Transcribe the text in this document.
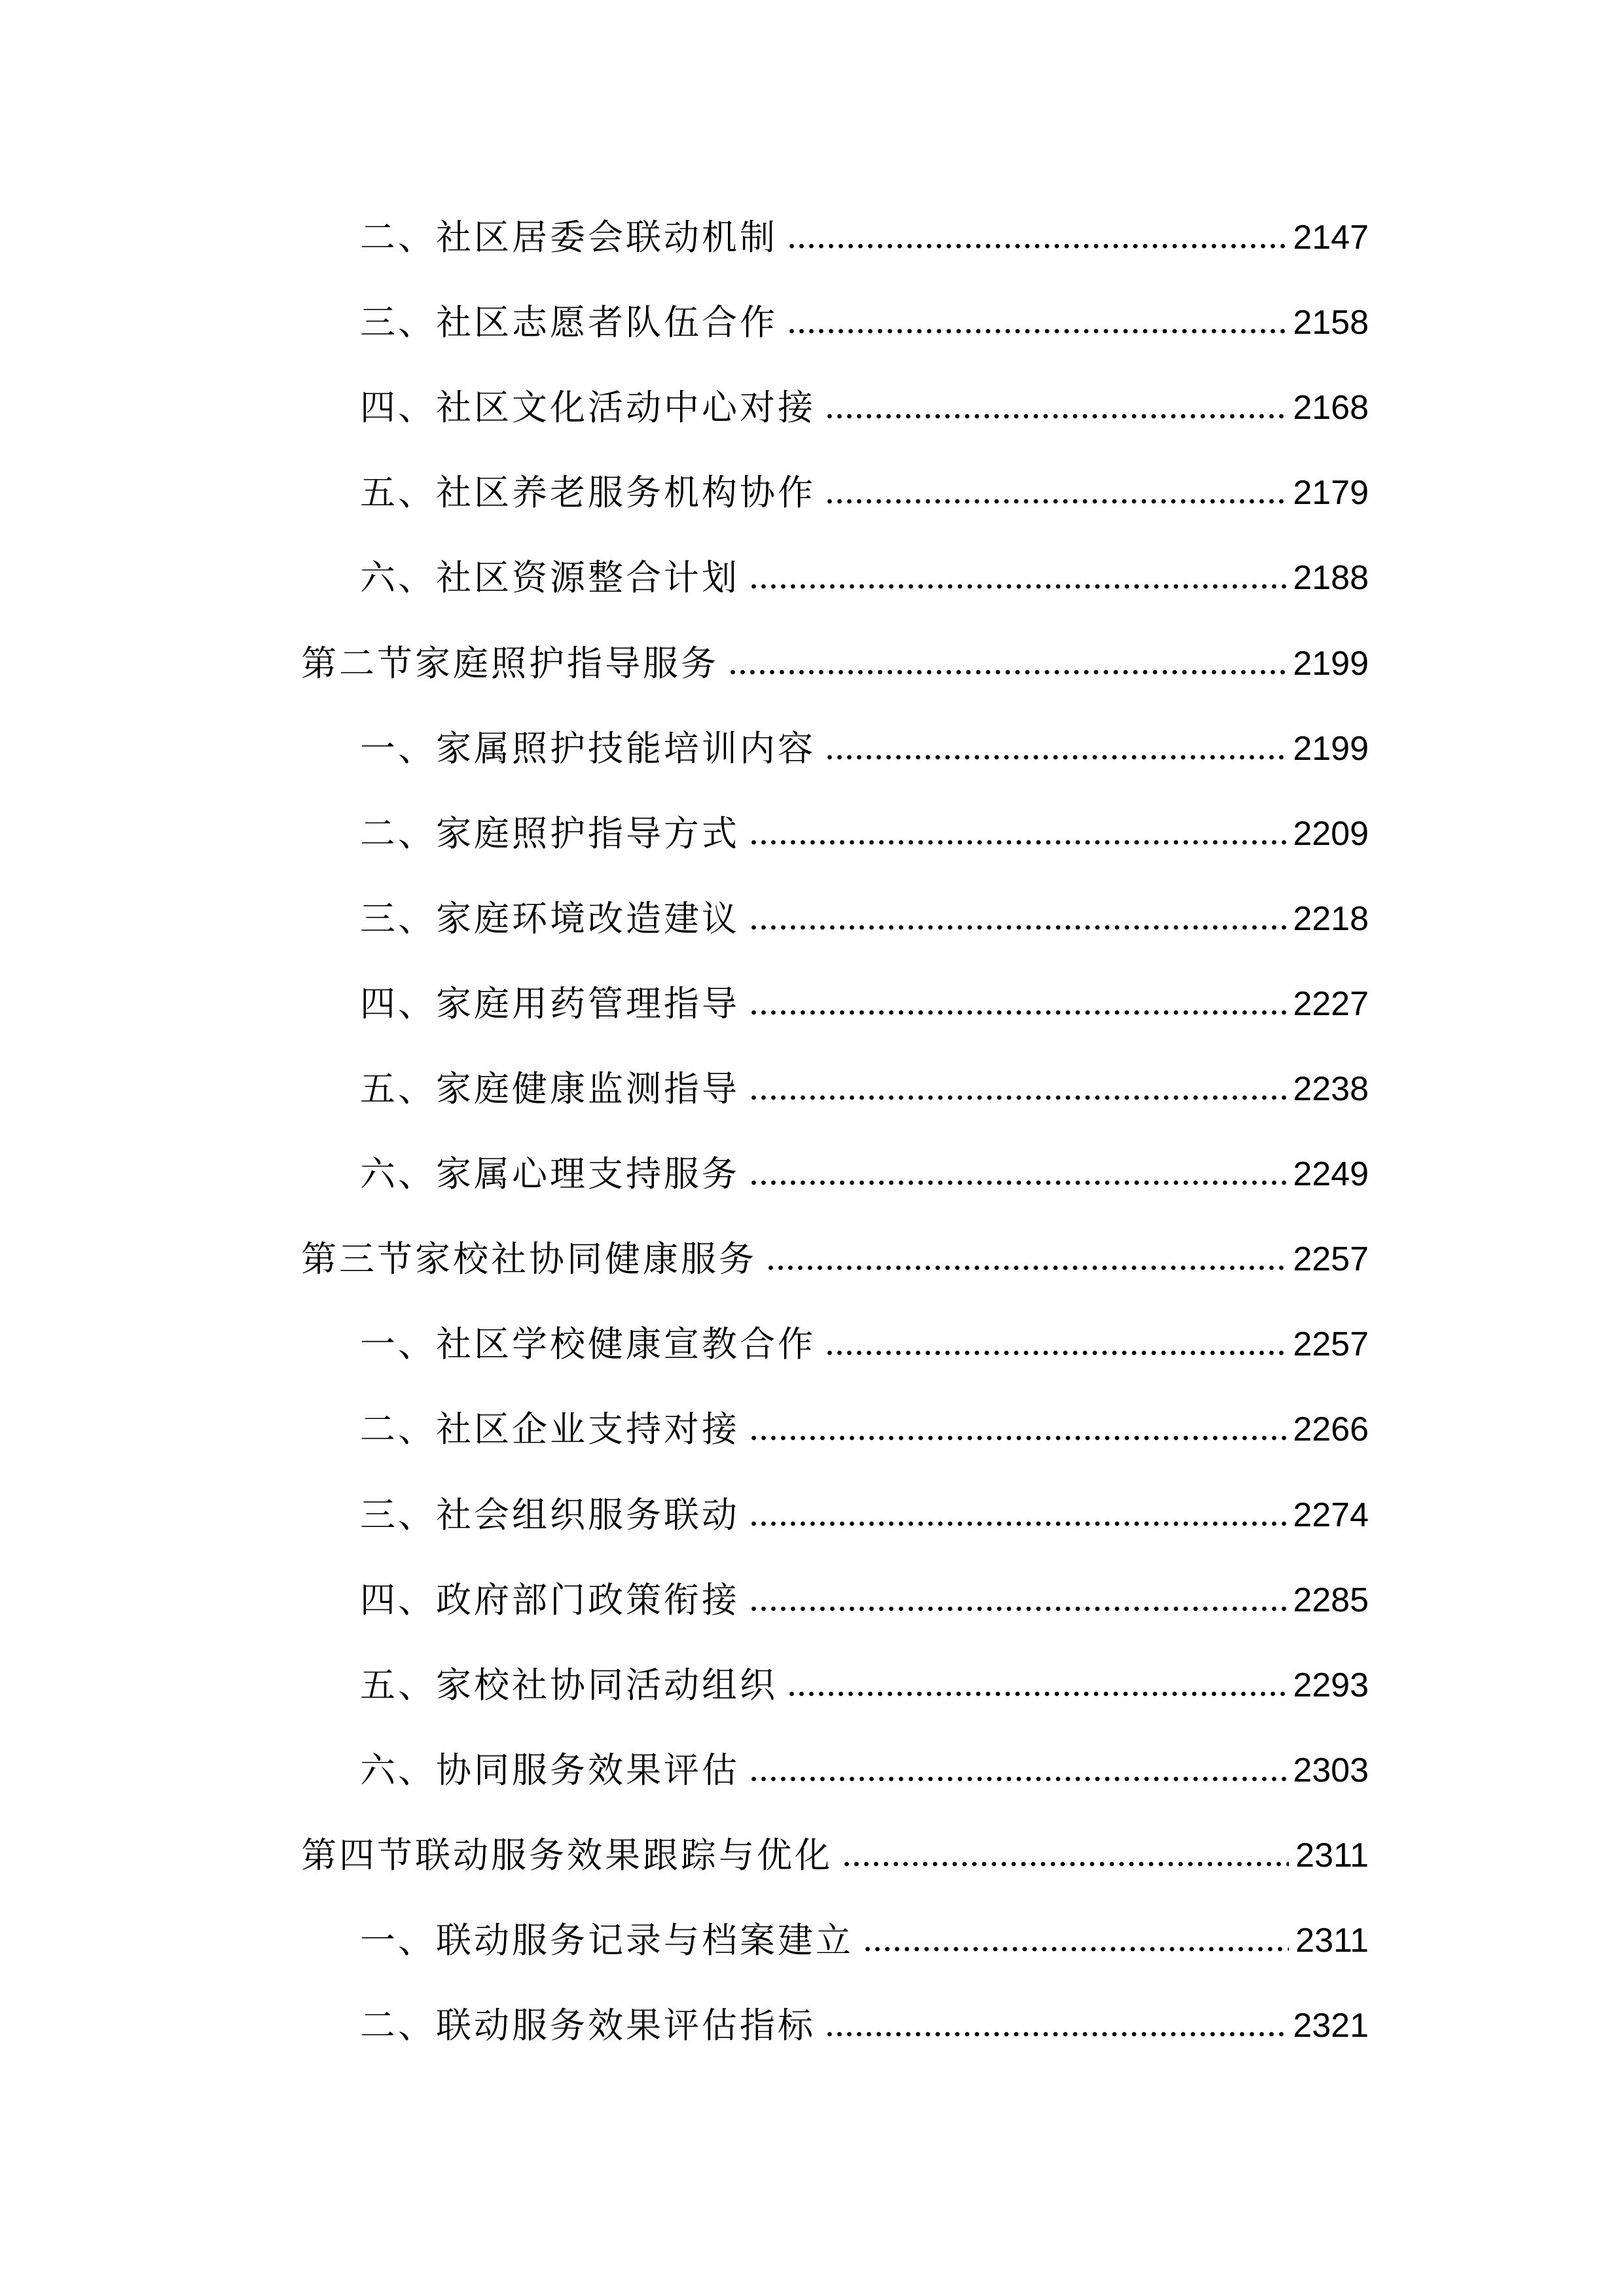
二、社区居委会联动机制	2147
三、社区志愿者队伍合作	2158
四、社区文化活动中心对接	2168
五、社区养老服务机构协作	2179
六、社区资源整合计划	2188
第二节家庭照护指导服务	2199
一、家属照护技能培训内容	2199
二、家庭照护指导方式	2209
三、家庭环境改造建议	2218
四、家庭用药管理指导	2227
五、家庭健康监测指导	2238
六、家属心理支持服务	2249
第三节家校社协同健康服务	2257
一、社区学校健康宣教合作	2257
二、社区企业支持对接	2266
三、社会组织服务联动	2274
四、政府部门政策衔接	2285
五、家校社协同活动组织	2293
六、协同服务效果评估	2303
第四节联动服务效果跟踪与优化	2311
一、联动服务记录与档案建立	2311
二、联动服务效果评估指标	2321
